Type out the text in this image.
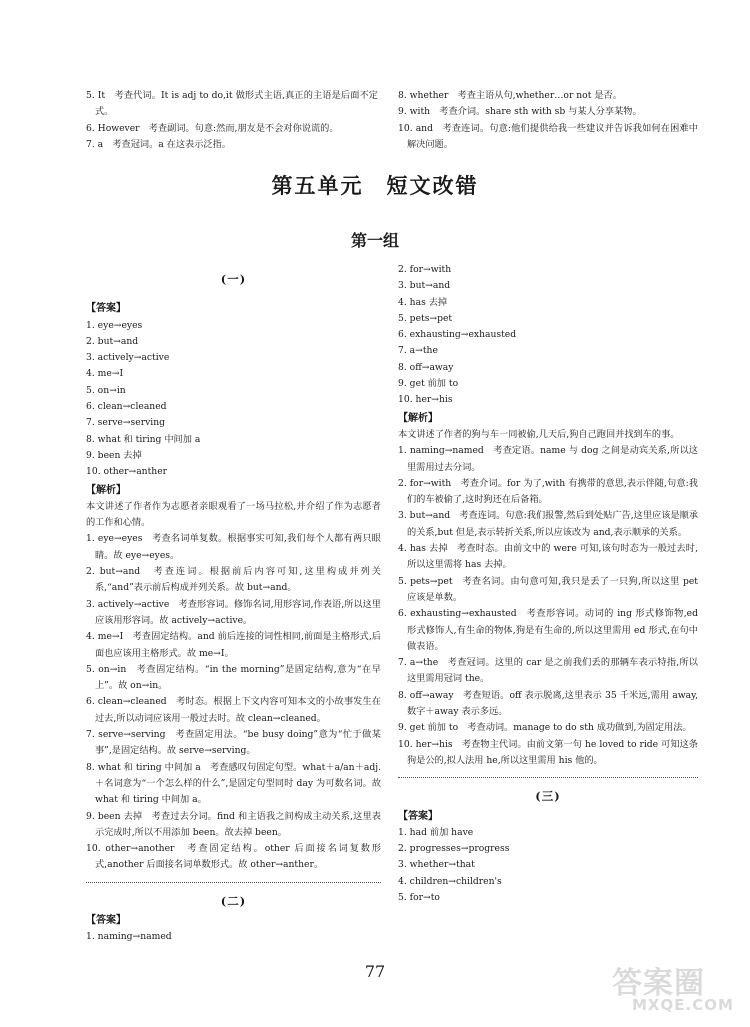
5. It　考查代词。It is adj to do,it 做形式主语,真正的主语是后面不定式。
6. However　考查副词。句意:然而,朋友是不会对你说谎的。
7. a　考查冠词。a 在这表示泛指。
8. whether　考查主语从句,whether…or not 是否。
9. with　考查介词。share sth with sb 与某人分享某物。
10. and　考查连词。句意:他们提供给我一些建议并告诉我如何在困难中解决问题。
第五单元　短文改错
第一组
(一)
【答案】
1. eye→eyes
2. but→and
3. actively→active
4. me→I
5. on→in
6. clean→cleaned
7. serve→serving
8. what 和 tiring 中间加 a
9. been 去掉
10. other→anther
【解析】
本文讲述了作者作为志愿者亲眼观看了一场马拉松,并介绍了作为志愿者的工作和心情。
1. eye→eyes　考查名词单复数。根据事实可知,我们每个人都有两只眼睛。故 eye→eyes。
2. but→and　考查连词。根据前后内容可知,这里构成并列关系,“and”表示前后构成并列关系。故 but→and。
3. actively→active　考查形容词。修饰名词,用形容词,作表语,所以这里应该用形容词。故 actively→active。
4. me→I　考查固定结构。and 前后连接的词性相同,前面是主格形式,后面也应该用主格形式。故 me→I。
5. on→in　考查固定结构。“in the morning”是固定结构,意为“在早上”。故 on→in。
6. clean→cleaned　考时态。根据上下文内容可知本文的小故事发生在过去,所以动词应该用一般过去时。故 clean→cleaned。
7. serve→serving　考查固定用法。“be busy doing”意为“忙于做某事”,是固定结构。故 serve→serving。
8. what 和 tiring 中间加 a　考查感叹句固定句型。what＋a/an＋adj.＋名词意为“一个怎么样的什么”,是固定句型同时 day 为可数名词。故 what 和 tiring 中间加 a。
9. been 去掉　考查过去分词。find 和主语我之间构成主动关系,这里表示完成时,所以不用添加 been。故去掉 been。
10. other→another　考查固定结构。other 后面接名词复数形式,another 后面接名词单数形式。故 other→anther。
(二)
【答案】
1. naming→named
2. for→with
3. but→and
4. has 去掉
5. pets→pet
6. exhausting→exhausted
7. a→the
8. off→away
9. get 前加 to
10. her→his
【解析】
本文讲述了作者的狗与车一同被偷,几天后,狗自己跑回并找到车的事。
1. naming→named　考查定语。name 与 dog 之间是动宾关系,所以这里需用过去分词。
2. for→with　考查介词。for 为了,with 有携带的意思,表示伴随,句意:我们的车被偷了,这时狗还在后备箱。
3. but→and　考查连词。句意:我们报警,然后到处贴广告,这里应该是顺承的关系,but 但是,表示转折关系,所以应该改为 and,表示顺承的关系。
4. has 去掉　考查时态。由前文中的 were 可知,该句时态为一般过去时,所以这里需将 has 去掉。
5. pets→pet　考查名词。由句意可知,我只是丢了一只狗,所以这里 pet 应该是单数。
6. exhausting→exhausted　考查形容词。动词的 ing 形式修饰物,ed 形式修饰人,有生命的物体,狗是有生命的,所以这里需用 ed 形式,在句中做表语。
7. a→the　考查冠词。这里的 car 是之前我们丢的那辆车表示特指,所以这里需用冠词 the。
8. off→away　考查短语。off 表示脱离,这里表示 35 千米远,需用 away,数字＋away 表示多远。
9. get 前加 to　考查动词。manage to do sth 成功做到,为固定用法。
10. her→his　考查物主代词。由前文第一句 he loved to ride 可知这条狗是公的,拟人法用 he,所以这里需用 his 他的。
(三)
【答案】
1. had 前加 have
2. progresses→progress
3. whether→that
4. children→children's
5. for→to
77	答案圈
MXQE.COM
